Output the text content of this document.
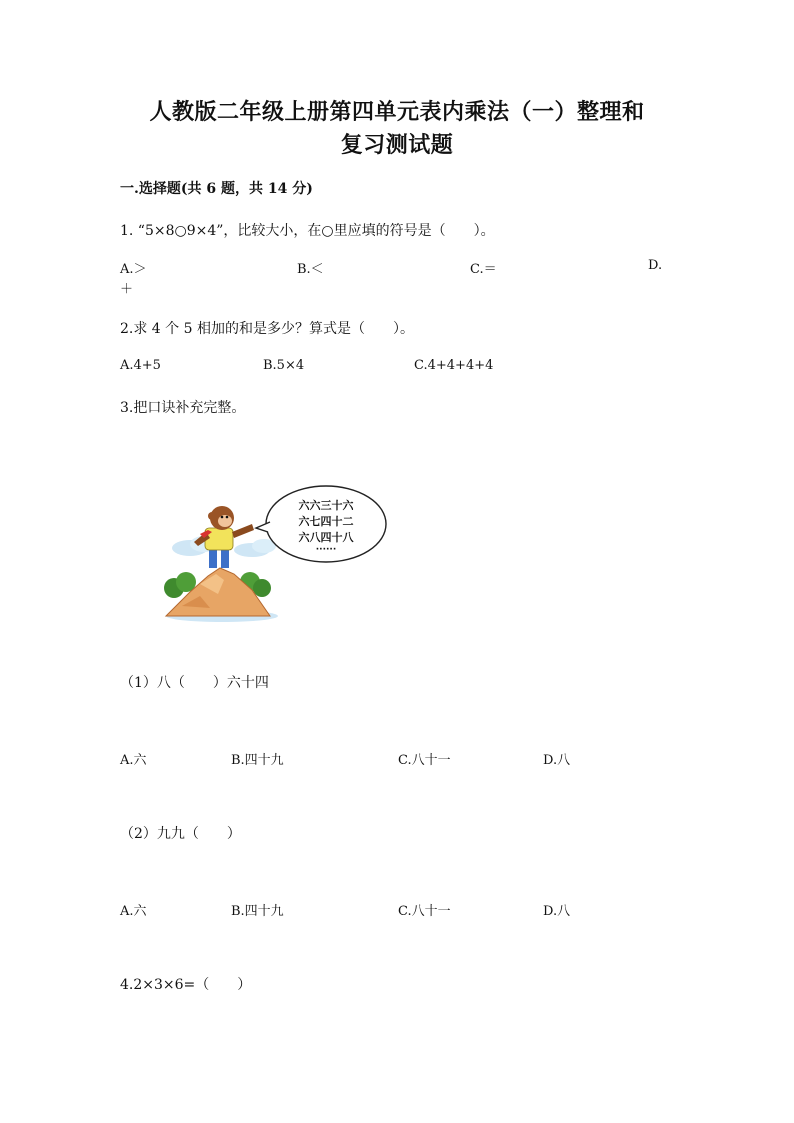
人教版二年级上册第四单元表内乘法（一）整理和
复习测试题
一.选择题(共 6 题，共 14 分)
1. “5×8○9×4”，比较大小，在○里应填的符号是（　　）。
A.＞	B.＜	C.＝	D.
＋
2.求 4 个 5 相加的和是多少？算式是（　　）。
A.4+5	B.5×4	C.4+4+4+4
3.把口诀补充完整。
六六三十六
六七四十二
六八四十八
······
（1）八（　　）六十四
A.六	B.四十九	C.八十一	D.八
（2）九九（　　）
A.六	B.四十九	C.八十一	D.八
4.2×3×6=（　　）
